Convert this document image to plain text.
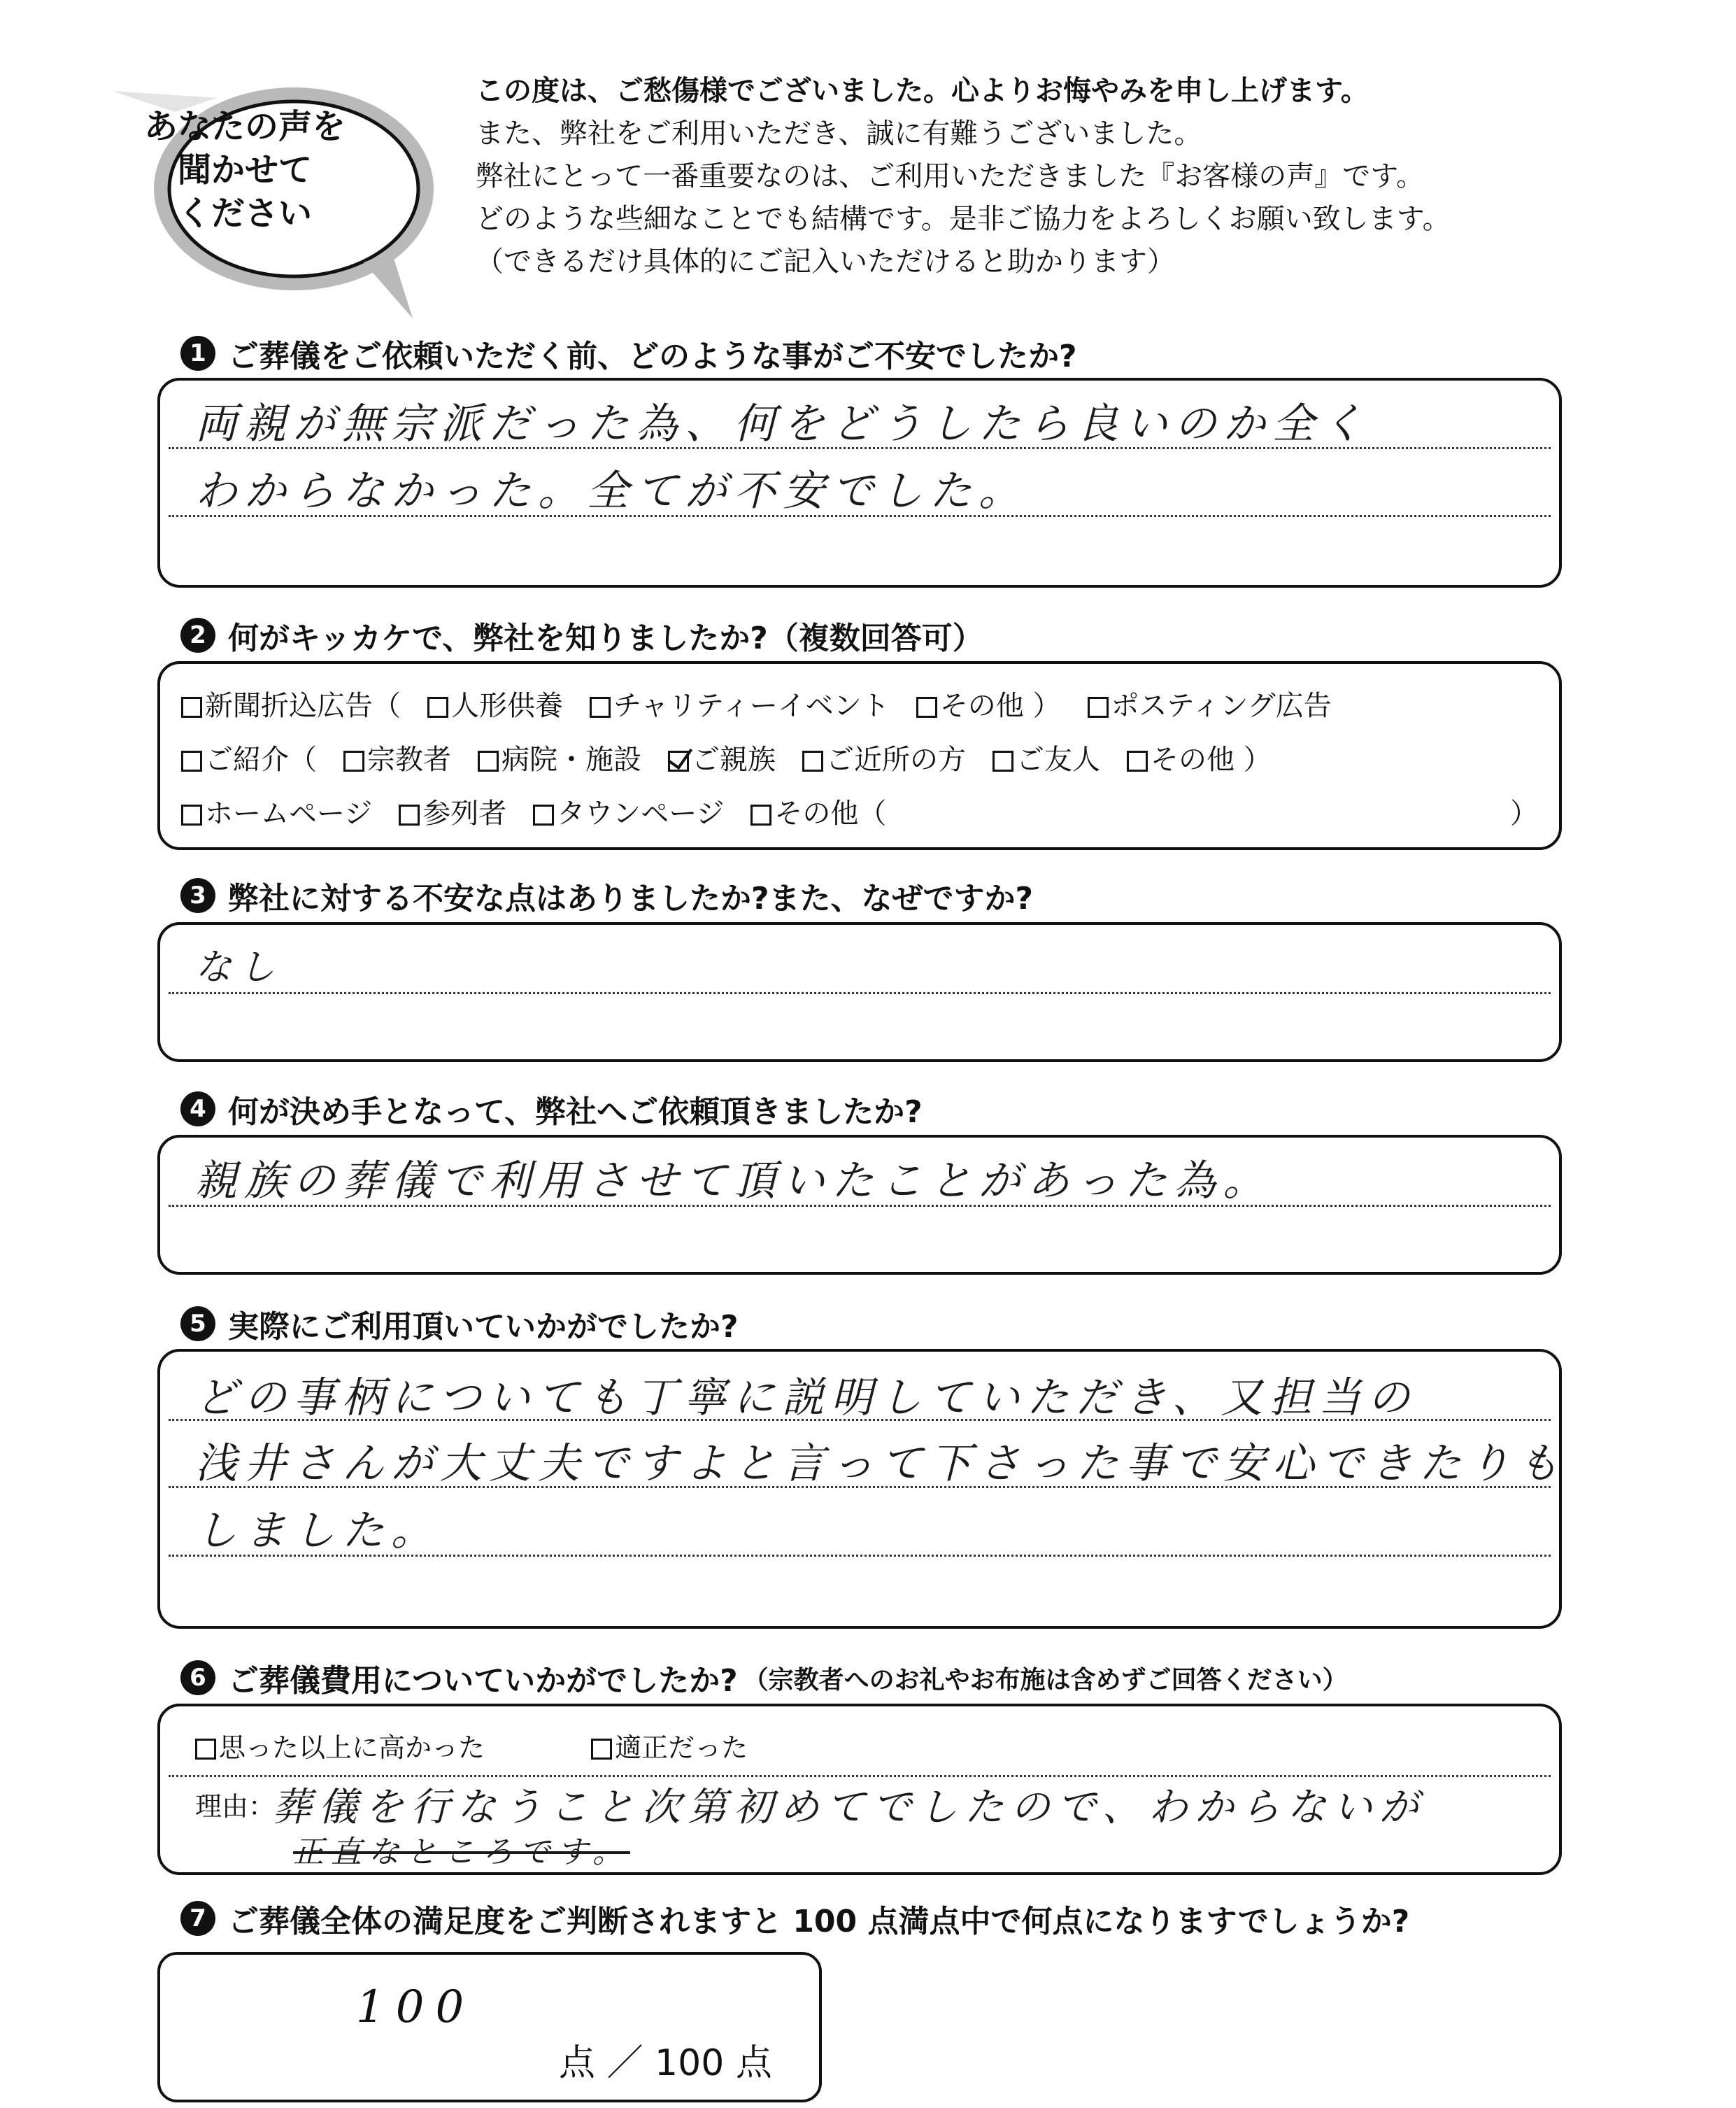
あなたの声を
聞かせて
ください
この度は、ご愁傷様でございました。心よりお悔やみを申し上げます。
また、弊社をご利用いただき、誠に有難うございました。
弊社にとって一番重要なのは、ご利用いただきました『お客様の声』です。
どのような些細なことでも結構です。是非ご協力をよろしくお願い致します。
（できるだけ具体的にご記入いただけると助かります）
1 ご葬儀をご依頼いただく前、どのような事がご不安でしたか?
両親が無宗派だった為、何をどうしたら良いのか全く
わからなかった。全てが不安でした。
2 何がキッカケで、弊社を知りましたか?（複数回答可）
新聞折込広告（	人形供養	チャリティーイベント	その他 ）	ポスティング広告
ご紹介（	宗教者	病院・施設	ご親族	ご近所の方	ご友人	その他 ）
ホームページ	参列者	タウンページ	その他（	）
3 弊社に対する不安な点はありましたか?また、なぜですか?
なし
4 何が決め手となって、弊社へご依頼頂きましたか?
親族の葬儀で利用させて頂いたことがあった為。
5 実際にご利用頂いていかがでしたか?
どの事柄についても丁寧に説明していただき、又担当の
浅井さんが大丈夫ですよと言って下さった事で安心できたりも
しました。
6 ご葬儀費用についていかがでしたか? （宗教者へのお礼やお布施は含めずご回答ください）
思った以上に高かった	適正だった
理由：
葬儀を行なうこと次第初めてでしたので、わからないが
正直なところです。
7 ご葬儀全体の満足度をご判断されますと 100 点満点中で何点になりますでしょうか?
100
点 ／ 100 点
